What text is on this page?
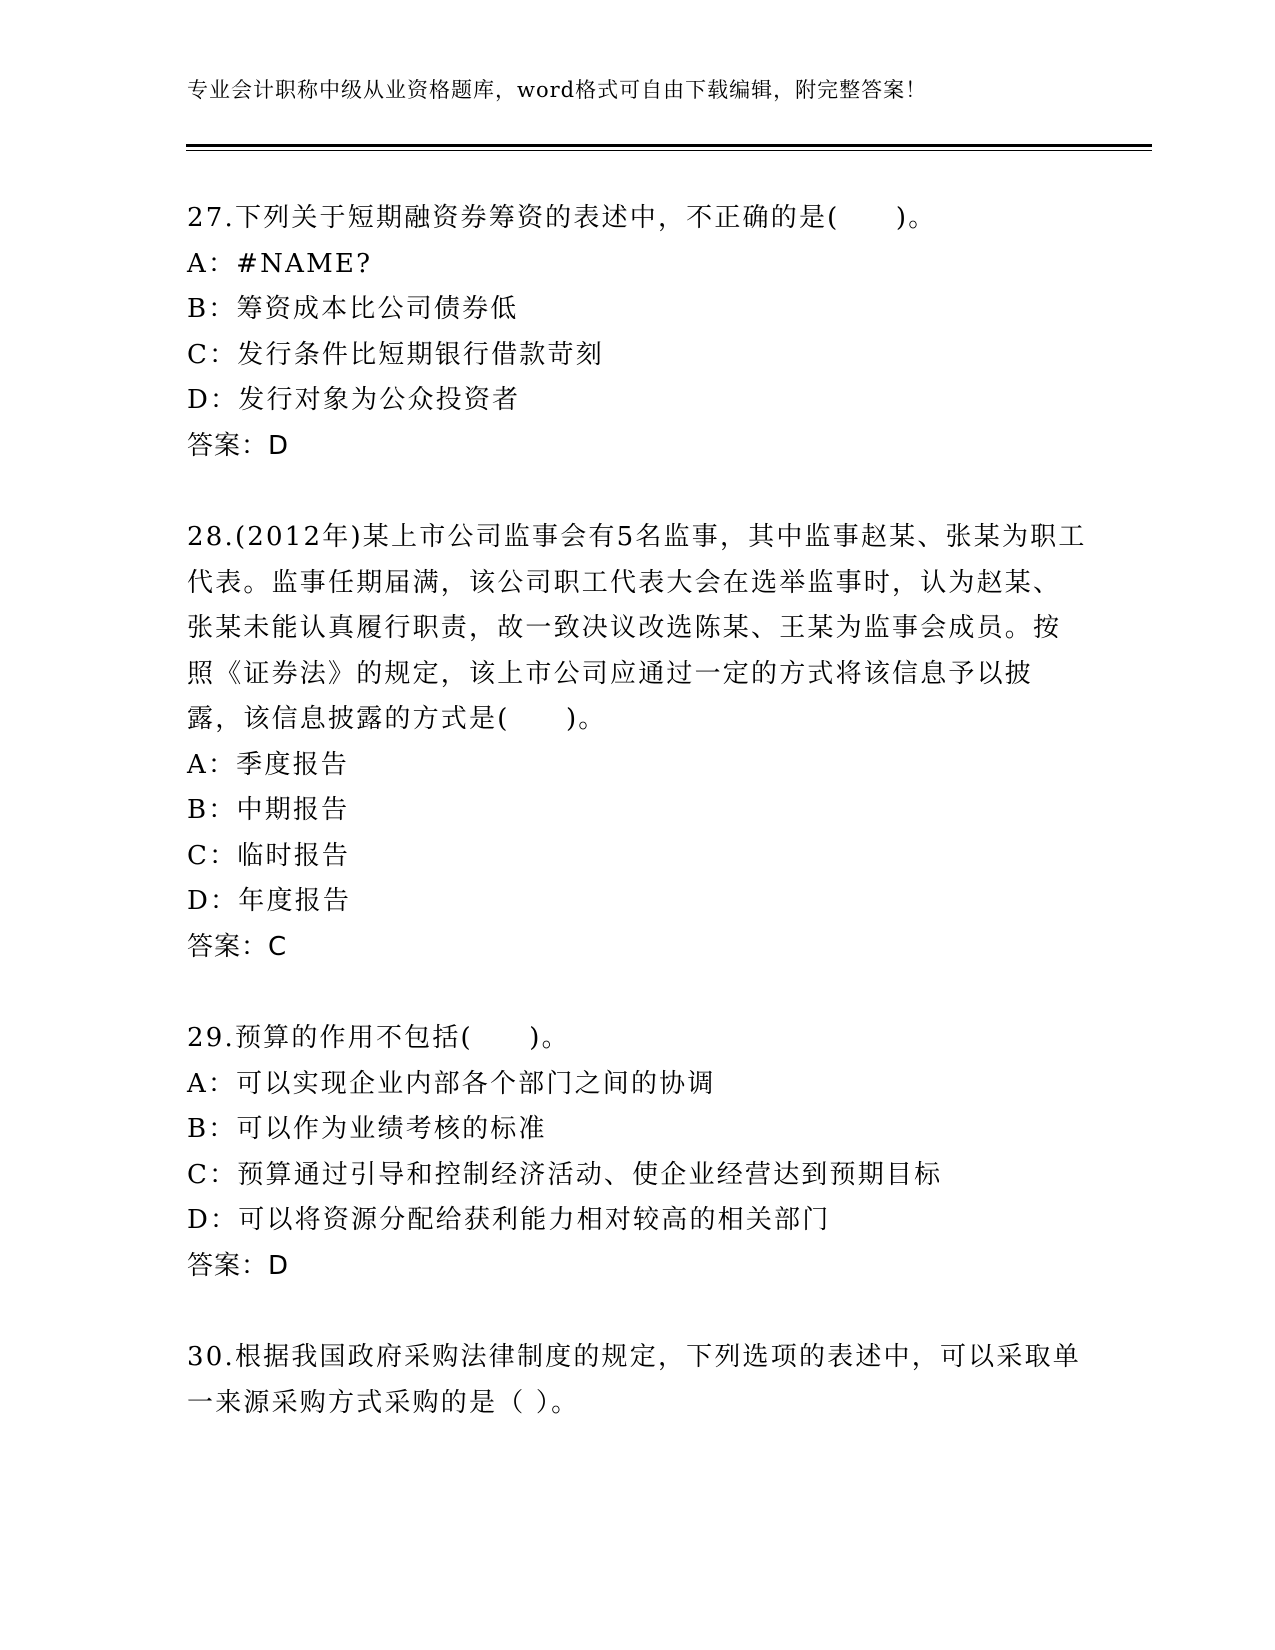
专业会计职称中级从业资格题库，word格式可自由下载编辑，附完整答案！

27.下列关于短期融资券筹资的表述中，不正确的是(　　)。

A：#NAME?
B：筹资成本比公司债券低
C：发行条件比短期银行借款苛刻
D：发行对象为公众投资者
答案：D

28.(2012年)某上市公司监事会有5名监事，其中监事赵某、张某为职工代表。监事任期届满，该公司职工代表大会在选举监事时，认为赵某、张某未能认真履行职责，故一致决议改选陈某、王某为监事会成员。按照《证券法》的规定，该上市公司应通过一定的方式将该信息予以披露，该信息披露的方式是(　　)。

A：季度报告
B：中期报告
C：临时报告
D：年度报告
答案：C

29.预算的作用不包括(　　)。

A：可以实现企业内部各个部门之间的协调
B：可以作为业绩考核的标准
C：预算通过引导和控制经济活动、使企业经营达到预期目标
D：可以将资源分配给获利能力相对较高的相关部门
答案：D

30.根据我国政府采购法律制度的规定，下列选项的表述中，可以采取单一来源采购方式采购的是（ ）。
